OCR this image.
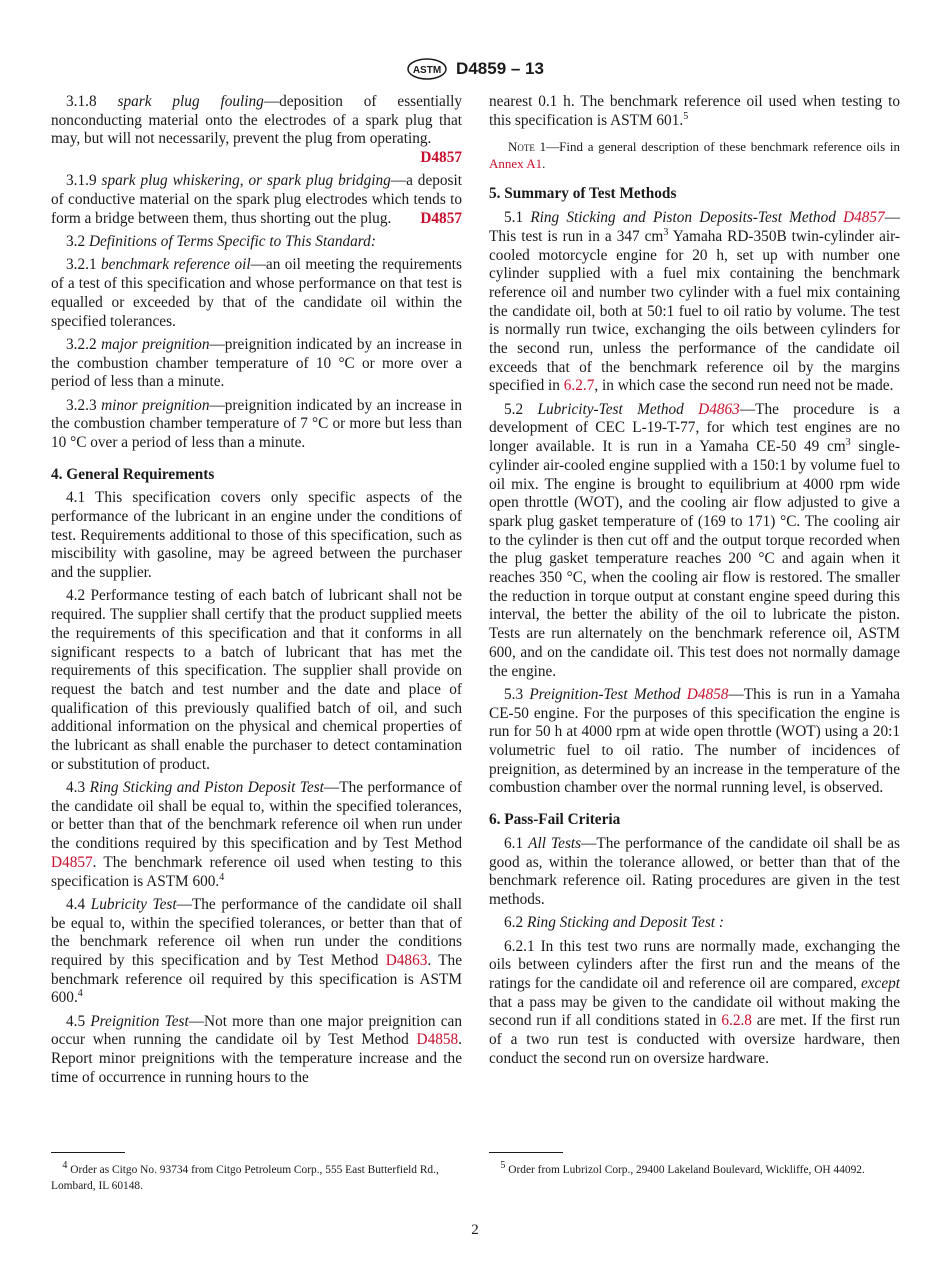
ASTM D4859 – 13

3.1.8 spark plug fouling—deposition of essentially nonconducting material onto the electrodes of a spark plug that may, but will not necessarily, prevent the plug from operating.
D4857

3.1.9 spark plug whiskering, or spark plug bridging—a deposit of conductive material on the spark plug electrodes which tends to form a bridge between them, thus shorting out the plug.	D4857

3.2 Definitions of Terms Specific to This Standard:

3.2.1 benchmark reference oil—an oil meeting the requirements of a test of this specification and whose performance on that test is equalled or exceeded by that of the candidate oil within the specified tolerances.

3.2.2 major preignition—preignition indicated by an increase in the combustion chamber temperature of 10 °C or more over a period of less than a minute.

3.2.3 minor preignition—preignition indicated by an increase in the combustion chamber temperature of 7 °C or more but less than 10 °C over a period of less than a minute.

4. General Requirements

4.1 This specification covers only specific aspects of the performance of the lubricant in an engine under the conditions of test. Requirements additional to those of this specification, such as miscibility with gasoline, may be agreed between the purchaser and the supplier.

4.2 Performance testing of each batch of lubricant shall not be required. The supplier shall certify that the product supplied meets the requirements of this specification and that it conforms in all significant respects to a batch of lubricant that has met the requirements of this specification. The supplier shall provide on request the batch and test number and the date and place of qualification of this previously qualified batch of oil, and such additional information on the physical and chemical properties of the lubricant as shall enable the purchaser to detect contamination or substitution of product.

4.3 Ring Sticking and Piston Deposit Test—The performance of the candidate oil shall be equal to, within the specified tolerances, or better than that of the benchmark reference oil when run under the conditions required by this specification and by Test Method D4857. The benchmark reference oil used when testing to this specification is ASTM 600.$^4$

4.4 Lubricity Test—The performance of the candidate oil shall be equal to, within the specified tolerances, or better than that of the benchmark reference oil when run under the conditions required by this specification and by Test Method D4863. The benchmark reference oil required by this specification is ASTM 600.$^4$

4.5 Preignition Test—Not more than one major preignition can occur when running the candidate oil by Test Method D4858. Report minor preignitions with the temperature increase and the time of occurrence in running hours to the

nearest 0.1 h. The benchmark reference oil used when testing to this specification is ASTM 601.$^5$

Note 1—Find a general description of these benchmark reference oils in Annex A1.
5. Summary of Test Methods

5.1 Ring Sticking and Piston Deposits-Test Method D4857—This test is run in a 347 $cm^3$ Yamaha RD-350B twin-cylinder air-cooled motorcycle engine for 20 h, set up with number one cylinder supplied with a fuel mix containing the benchmark reference oil and number two cylinder with a fuel mix containing the candidate oil, both at 50:1 fuel to oil ratio by volume. The test is normally run twice, exchanging the oils between cylinders for the second run, unless the performance of the candidate oil exceeds that of the benchmark reference oil by the margins specified in 6.2.7, in which case the second run need not be made.

5.2 Lubricity-Test Method D4863—The procedure is a development of CEC L-19-T-77, for which test engines are no longer available. It is run in a Yamaha CE-50 49 $cm^3$ single-cylinder air-cooled engine supplied with a 150:1 by volume fuel to oil mix. The engine is brought to equilibrium at 4000 rpm wide open throttle (WOT), and the cooling air flow adjusted to give a spark plug gasket temperature of (169 to 171) °C. The cooling air to the cylinder is then cut off and the output torque recorded when the plug gasket temperature reaches 200 °C and again when it reaches 350 °C, when the cooling air flow is restored. The smaller the reduction in torque output at constant engine speed during this interval, the better the ability of the oil to lubricate the piston. Tests are run alternately on the benchmark reference oil, ASTM 600, and on the candidate oil. This test does not normally damage the engine.

5.3 Preignition-Test Method D4858—This is run in a Yamaha CE-50 engine. For the purposes of this specification the engine is run for 50 h at 4000 rpm at wide open throttle (WOT) using a 20:1 volumetric fuel to oil ratio. The number of incidences of preignition, as determined by an increase in the temperature of the combustion chamber over the normal running level, is observed.

6. Pass-Fail Criteria

6.1 All Tests—The performance of the candidate oil shall be as good as, within the tolerance allowed, or better than that of the benchmark reference oil. Rating procedures are given in the test methods.

6.2 Ring Sticking and Deposit Test :

6.2.1 In this test two runs are normally made, exchanging the oils between cylinders after the first run and the means of the ratings for the candidate oil and reference oil are compared, except that a pass may be given to the candidate oil without making the second run if all conditions stated in 6.2.8 are met. If the first run of a two run test is conducted with oversize hardware, then conduct the second run on oversize hardware.

$^4$ Order as Citgo No. 93734 from Citgo Petroleum Corp., 555 East Butterfield Rd., Lombard, IL 60148.
$^5$ Order from Lubrizol Corp., 29400 Lakeland Boulevard, Wickliffe, OH 44092.
2
